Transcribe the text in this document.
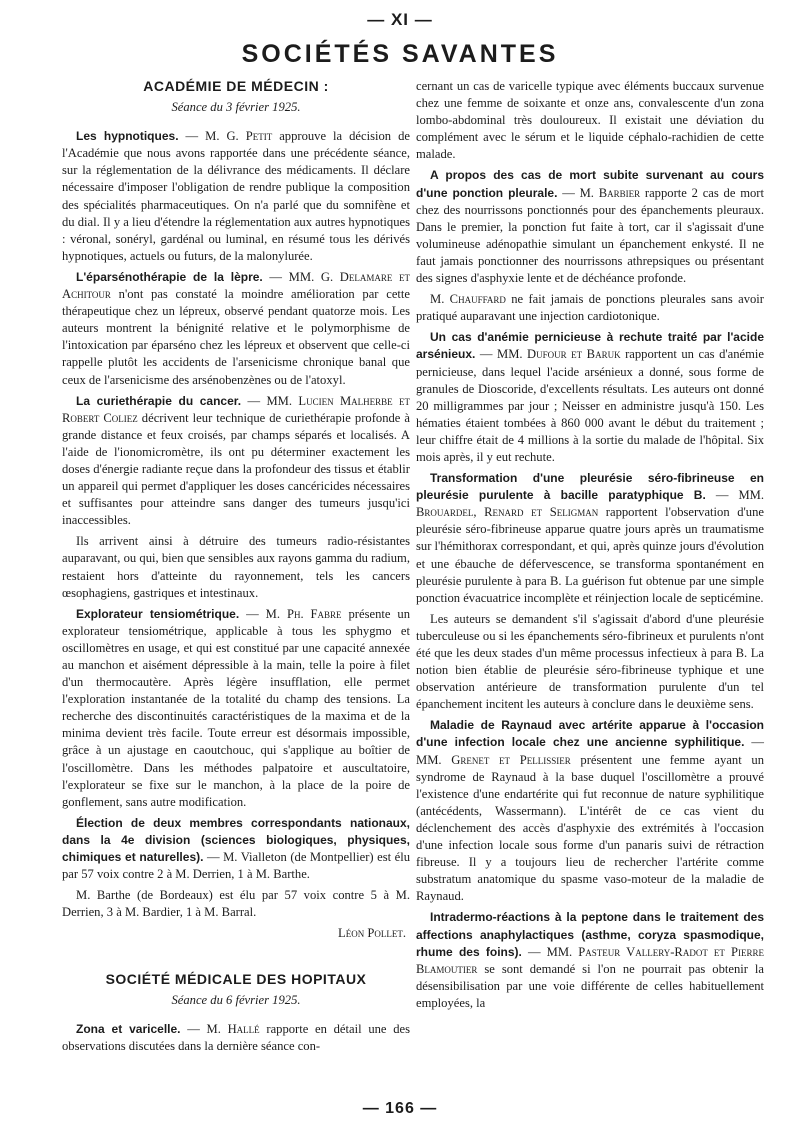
— XI —
SOCIÉTÉS SAVANTES
ACADÉMIE DE MÉDECIN :
Séance du 3 février 1925.

Les hypnotiques. — M. G. Petit approuve la décision de l'Académie que nous avons rapportée dans une précédente séance, sur la réglementation de la délivrance des médicaments. Il déclare nécessaire d'imposer l'obligation de rendre publique la composition des spécialités pharmaceutiques. On n'a parlé que du somnifène et du dial. Il y a lieu d'étendre la réglementation aux autres hypnotiques : véronal, sonéryl, gardénal ou luminal, en résumé tous les dérivés hypnotiques, actuels ou futurs, de la malonylurée.

L'éparsénothérapie de la lèpre. — MM. G. Delamare et Achitour n'ont pas constaté la moindre amélioration par cette thérapeutique chez un lépreux, observé pendant quatorze mois. Les auteurs montrent la bénignité relative et le polymorphisme de l'intoxication par éparséno chez les lépreux et observent que celle-ci rappelle plutôt les accidents de l'arsenicisme chronique banal que ceux de l'arsenicisme des arsénobenzènes ou de l'atoxyl.

La curiethérapie du cancer. — MM. Lucien Malherbe et Robert Coliez décrivent leur technique de curiethérapie profonde à grande distance et feux croisés, par champs séparés et localisés. A l'aide de l'ionomicromètre, ils ont pu déterminer exactement les doses d'énergie radiante reçue dans la profondeur des tissus et établir un appareil qui permet d'appliquer les doses cancéricides nécessaires et suffisantes pour atteindre sans danger des tumeurs jusqu'ici inaccessibles.

Ils arrivent ainsi à détruire des tumeurs radio-résistantes auparavant, ou qui, bien que sensibles aux rayons gamma du radium, restaient hors d'atteinte du rayonnement, tels les cancers œsophagiens, gastriques et intestinaux.

Explorateur tensiométrique. — M. Ph. Fabre présente un explorateur tensiométrique, applicable à tous les sphygmo et oscillomètres en usage, et qui est constitué par une capacité annexée au manchon et aisément dépressible à la main, telle la poire à filet d'un thermocautère. Après légère insufflation, elle permet l'exploration instantanée de la totalité du champ des tensions. La recherche des discontinuités caractéristiques de la maxima et de la minima devient très facile. Toute erreur est désormais impossible, grâce à un ajustage en caoutchouc, qui s'applique au boîtier de l'oscillomètre. Dans les méthodes palpatoire et auscultatoire, l'explorateur se fixe sur le manchon, à la place de la poire de gonflement, sans autre modification.

Élection de deux membres correspondants nationaux, dans la 4e division (sciences biologiques, physiques, chimiques et naturelles). — M. Vialleton (de Montpellier) est élu par 57 voix contre 2 à M. Derrien, 1 à M. Barthe.

M. Barthe (de Bordeaux) est élu par 57 voix contre 5 à M. Derrien, 3 à M. Bardier, 1 à M. Barral.

Léon Pollet.
SOCIÉTÉ MÉDICALE DES HOPITAUX
Séance du 6 février 1925.

Zona et varicelle. — M. Hallé rapporte en détail une des observations discutées dans la dernière séance con-

cernant un cas de varicelle typique avec éléments buccaux survenue chez une femme de soixante et onze ans, convalescente d'un zona lombo-abdominal très douloureux. Il existait une déviation du complément avec le sérum et le liquide céphalo-rachidien de cette malade.

A propos des cas de mort subite survenant au cours d'une ponction pleurale. — M. Barbier rapporte 2 cas de mort chez des nourrissons ponctionnés pour des épanchements pleuraux. Dans le premier, la ponction fut faite à tort, car il s'agissait d'une volumineuse adénopathie simulant un épanchement enkysté. Il ne faut jamais ponctionner des nourrissons athrepsiques ou présentant des signes d'asphyxie lente et de déchéance profonde.

M. Chauffard ne fait jamais de ponctions pleurales sans avoir pratiqué auparavant une injection cardiotonique.

Un cas d'anémie pernicieuse à rechute traité par l'acide arsénieux. — MM. Dufour et Baruk rapportent un cas d'anémie pernicieuse, dans lequel l'acide arsénieux a donné, sous forme de granules de Dioscoride, d'excellents résultats. Les auteurs ont donné 20 milligrammes par jour ; Neisser en administre jusqu'à 150. Les hématies étaient tombées à 860 000 avant le début du traitement ; leur chiffre était de 4 millions à la sortie du malade de l'hôpital. Six mois après, il y eut rechute.

Transformation d'une pleurésie séro-fibrineuse en pleurésie purulente à bacille paratyphique B. — MM. Brouardel, Renard et Seligman rapportent l'observation d'une pleurésie séro-fibrineuse apparue quatre jours après un traumatisme sur l'hémithorax correspondant, et qui, après quinze jours d'évolution et une ébauche de défervescence, se transforma spontanément en pleurésie purulente à para B. La guérison fut obtenue par une simple ponction évacuatrice incomplète et réinjection locale de septicémine.

Les auteurs se demandent s'il s'agissait d'abord d'une pleurésie tuberculeuse ou si les épanchements séro-fibrineux et purulents n'ont été que les deux stades d'un même processus infectieux à para B. La notion bien établie de pleurésie séro-fibrineuse typhique et une observation antérieure de transformation purulente d'un tel épanchement incitent les auteurs à conclure dans le deuxième sens.

Maladie de Raynaud avec artérite apparue à l'occasion d'une infection locale chez une ancienne syphilitique. — MM. Grenet et Pellissier présentent une femme ayant un syndrome de Raynaud à la base duquel l'oscillomètre a prouvé l'existence d'une endartérite qui fut reconnue de nature syphilitique (antécédents, Wassermann). L'intérêt de ce cas vient du déclenchement des accès d'asphyxie des extrémités à l'occasion d'une infection locale sous forme d'un panaris suivi de rétraction fibreuse. Il y a toujours lieu de rechercher l'artérite comme substratum anatomique du spasme vaso-moteur de la maladie de Raynaud.

Intradermo-réactions à la peptone dans le traitement des affections anaphylactiques (asthme, coryza spasmodique, rhume des foins). — MM. Pasteur Vallery-Radot et Pierre Blamoutier se sont demandé si l'on ne pourrait pas obtenir la désensibilisation par une voie différente de celles habituellement employées, la

— 166 —
